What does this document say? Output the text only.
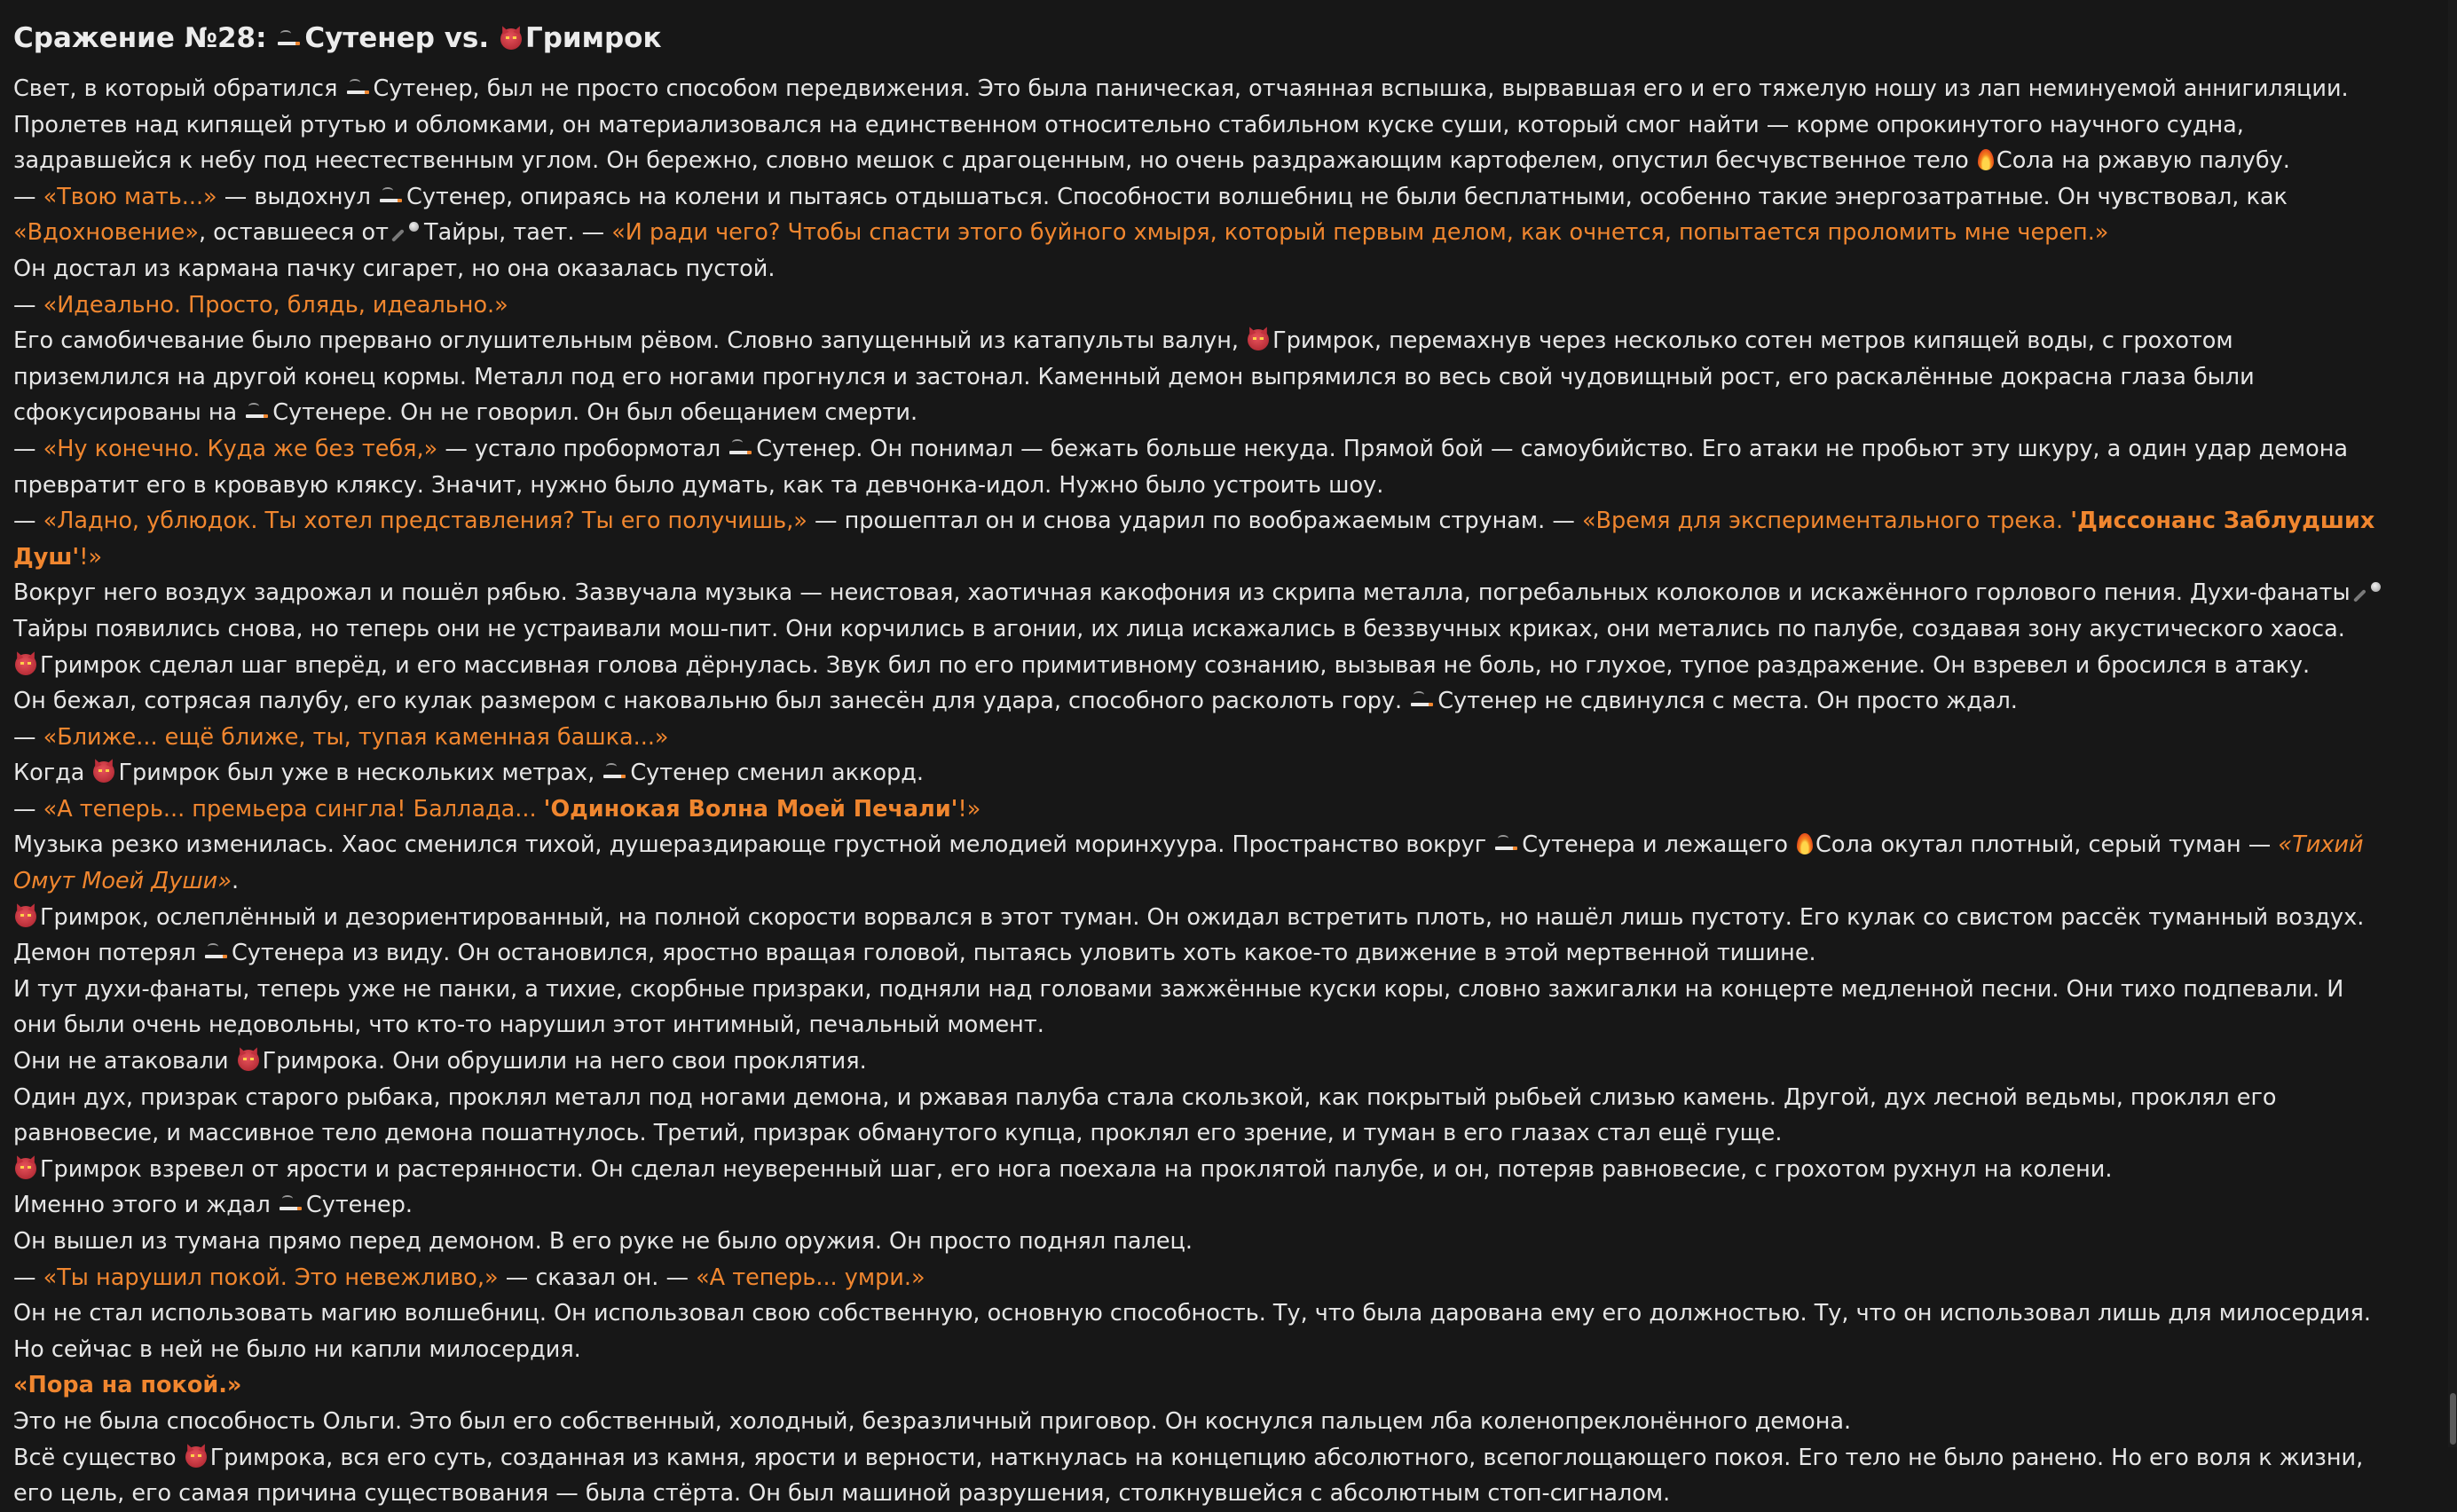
Сражение №28: Сутенер vs. Гримрок

Свет, в который обратился
Сутенер, был не просто способом передвижения. Это была паническая, отчаянная вспышка, вырвавшая его и его тяжелую ношу из лап неминуемой аннигиляции. Пролетев над кипящей ртутью и обломками, он материализовался на единственном относительно стабильном куске суши, который смог найти — корме опрокинутого научного судна, задравшейся к небу под неестественным углом. Он бережно, словно мешок с драгоценным, но очень раздражающим картофелем, опустил бесчувственное тело Сола на ржавую палубу.

— «Твою мать...» — выдохнул
Сутенер, опираясь на колени и пытаясь отдышаться. Способности волшебниц не были бесплатными, особенно такие энергозатратные. Он чувствовал, как «Вдохновение», оставшееся от Тайры, тает. — «И ради чего? Чтобы спасти этого буйного хмыря, который первым делом, как очнется, попытается проломить мне череп.»

Он достал из кармана пачку сигарет, но она оказалась пустой.

— «Идеально. Просто, блядь, идеально.»

Его самобичевание было прервано оглушительным рёвом. Словно запущенный из катапульты валун,
Гримрок, перемахнув через несколько сотен метров кипящей воды, с грохотом приземлился на другой конец кормы. Металл под его ногами прогнулся и застонал. Каменный демон выпрямился во весь свой чудовищный рост, его раскалённые докрасна глаза были сфокусированы на
Сутенере. Он не говорил. Он был обещанием смерти.

— «Ну конечно. Куда же без тебя,» — устало пробормотал
Сутенер. Он понимал — бежать больше некуда. Прямой бой — самоубийство. Его атаки не пробьют эту шкуру, а один удар демона превратит его в кровавую кляксу. Значит, нужно было думать, как та девчонка-идол. Нужно было устроить шоу.

— «Ладно, ублюдок. Ты хотел представления? Ты его получишь,» — прошептал он и снова ударил по воображаемым струнам. — «Время для экспериментального трека. 'Диссонанс Заблудших Душ'!»

Вокруг него воздух задрожал и пошёл рябью. Зазвучала музыка — неистовая, хаотичная какофония из скрипа металла, погребальных колоколов и искажённого горлового пения. Духи-фанаты Тайры появились снова, но теперь они не устраивали мош-пит. Они корчились в агонии, их лица искажались в беззвучных криках, они метались по палубе, создавая зону акустического хаоса.

Гримрок сделал шаг вперёд, и его массивная голова дёрнулась. Звук бил по его примитивному сознанию, вызывая не боль, но глухое, тупое раздражение. Он взревел и бросился в атаку.

Он бежал, сотрясая палубу, его кулак размером с наковальню был занесён для удара, способного расколоть гору.
Сутенер не сдвинулся с места. Он просто ждал.

— «Ближе... ещё ближе, ты, тупая каменная башка...»

Когда
Гримрок был уже в нескольких метрах,
Сутенер сменил аккорд.

— «А теперь... премьера сингла! Баллада... 'Одинокая Волна Моей Печали'!»

Музыка резко изменилась. Хаос сменился тихой, душераздирающе грустной мелодией моринхуура. Пространство вокруг
Сутенера и лежащего Сола окутал плотный, серый туман — «Тихий Омут Моей Души».

Гримрок, ослеплённый и дезориентированный, на полной скорости ворвался в этот туман. Он ожидал встретить плоть, но нашёл лишь пустоту. Его кулак со свистом рассёк туманный воздух. Демон потерял
Сутенера из виду. Он остановился, яростно вращая головой, пытаясь уловить хоть какое-то движение в этой мертвенной тишине.

И тут духи-фанаты, теперь уже не панки, а тихие, скорбные призраки, подняли над головами зажжённые куски коры, словно зажигалки на концерте медленной песни. Они тихо подпевали. И они были очень недовольны, что кто-то нарушил этот интимный, печальный момент.

Они не атаковали
Гримрока. Они обрушили на него свои проклятия.

Один дух, призрак старого рыбака, проклял металл под ногами демона, и ржавая палуба стала скользкой, как покрытый рыбьей слизью камень. Другой, дух лесной ведьмы, проклял его равновесие, и массивное тело демона пошатнулось. Третий, призрак обманутого купца, проклял его зрение, и туман в его глазах стал ещё гуще.

Гримрок взревел от ярости и растерянности. Он сделал неуверенный шаг, его нога поехала на проклятой палубе, и он, потеряв равновесие, с грохотом рухнул на колени.

Именно этого и ждал
Сутенер.

Он вышел из тумана прямо перед демоном. В его руке не было оружия. Он просто поднял палец.

— «Ты нарушил покой. Это невежливо,» — сказал он. — «А теперь... умри.»

Он не стал использовать магию волшебниц. Он использовал свою собственную, основную способность. Ту, что была дарована ему его должностью. Ту, что он использовал лишь для милосердия. Но сейчас в ней не было ни капли милосердия.

«Пора на покой.»

Это не была способность Ольги. Это был его собственный, холодный, безразличный приговор. Он коснулся пальцем лба коленопреклонённого демона.

Всё существо
Гримрока, вся его суть, созданная из камня, ярости и верности, наткнулась на концепцию абсолютного, всепоглощающего покоя. Его тело не было ранено. Но его воля к жизни, его цель, его самая причина существования — была стёрта. Он был машиной разрушения, столкнувшейся с абсолютным стоп-сигналом.
